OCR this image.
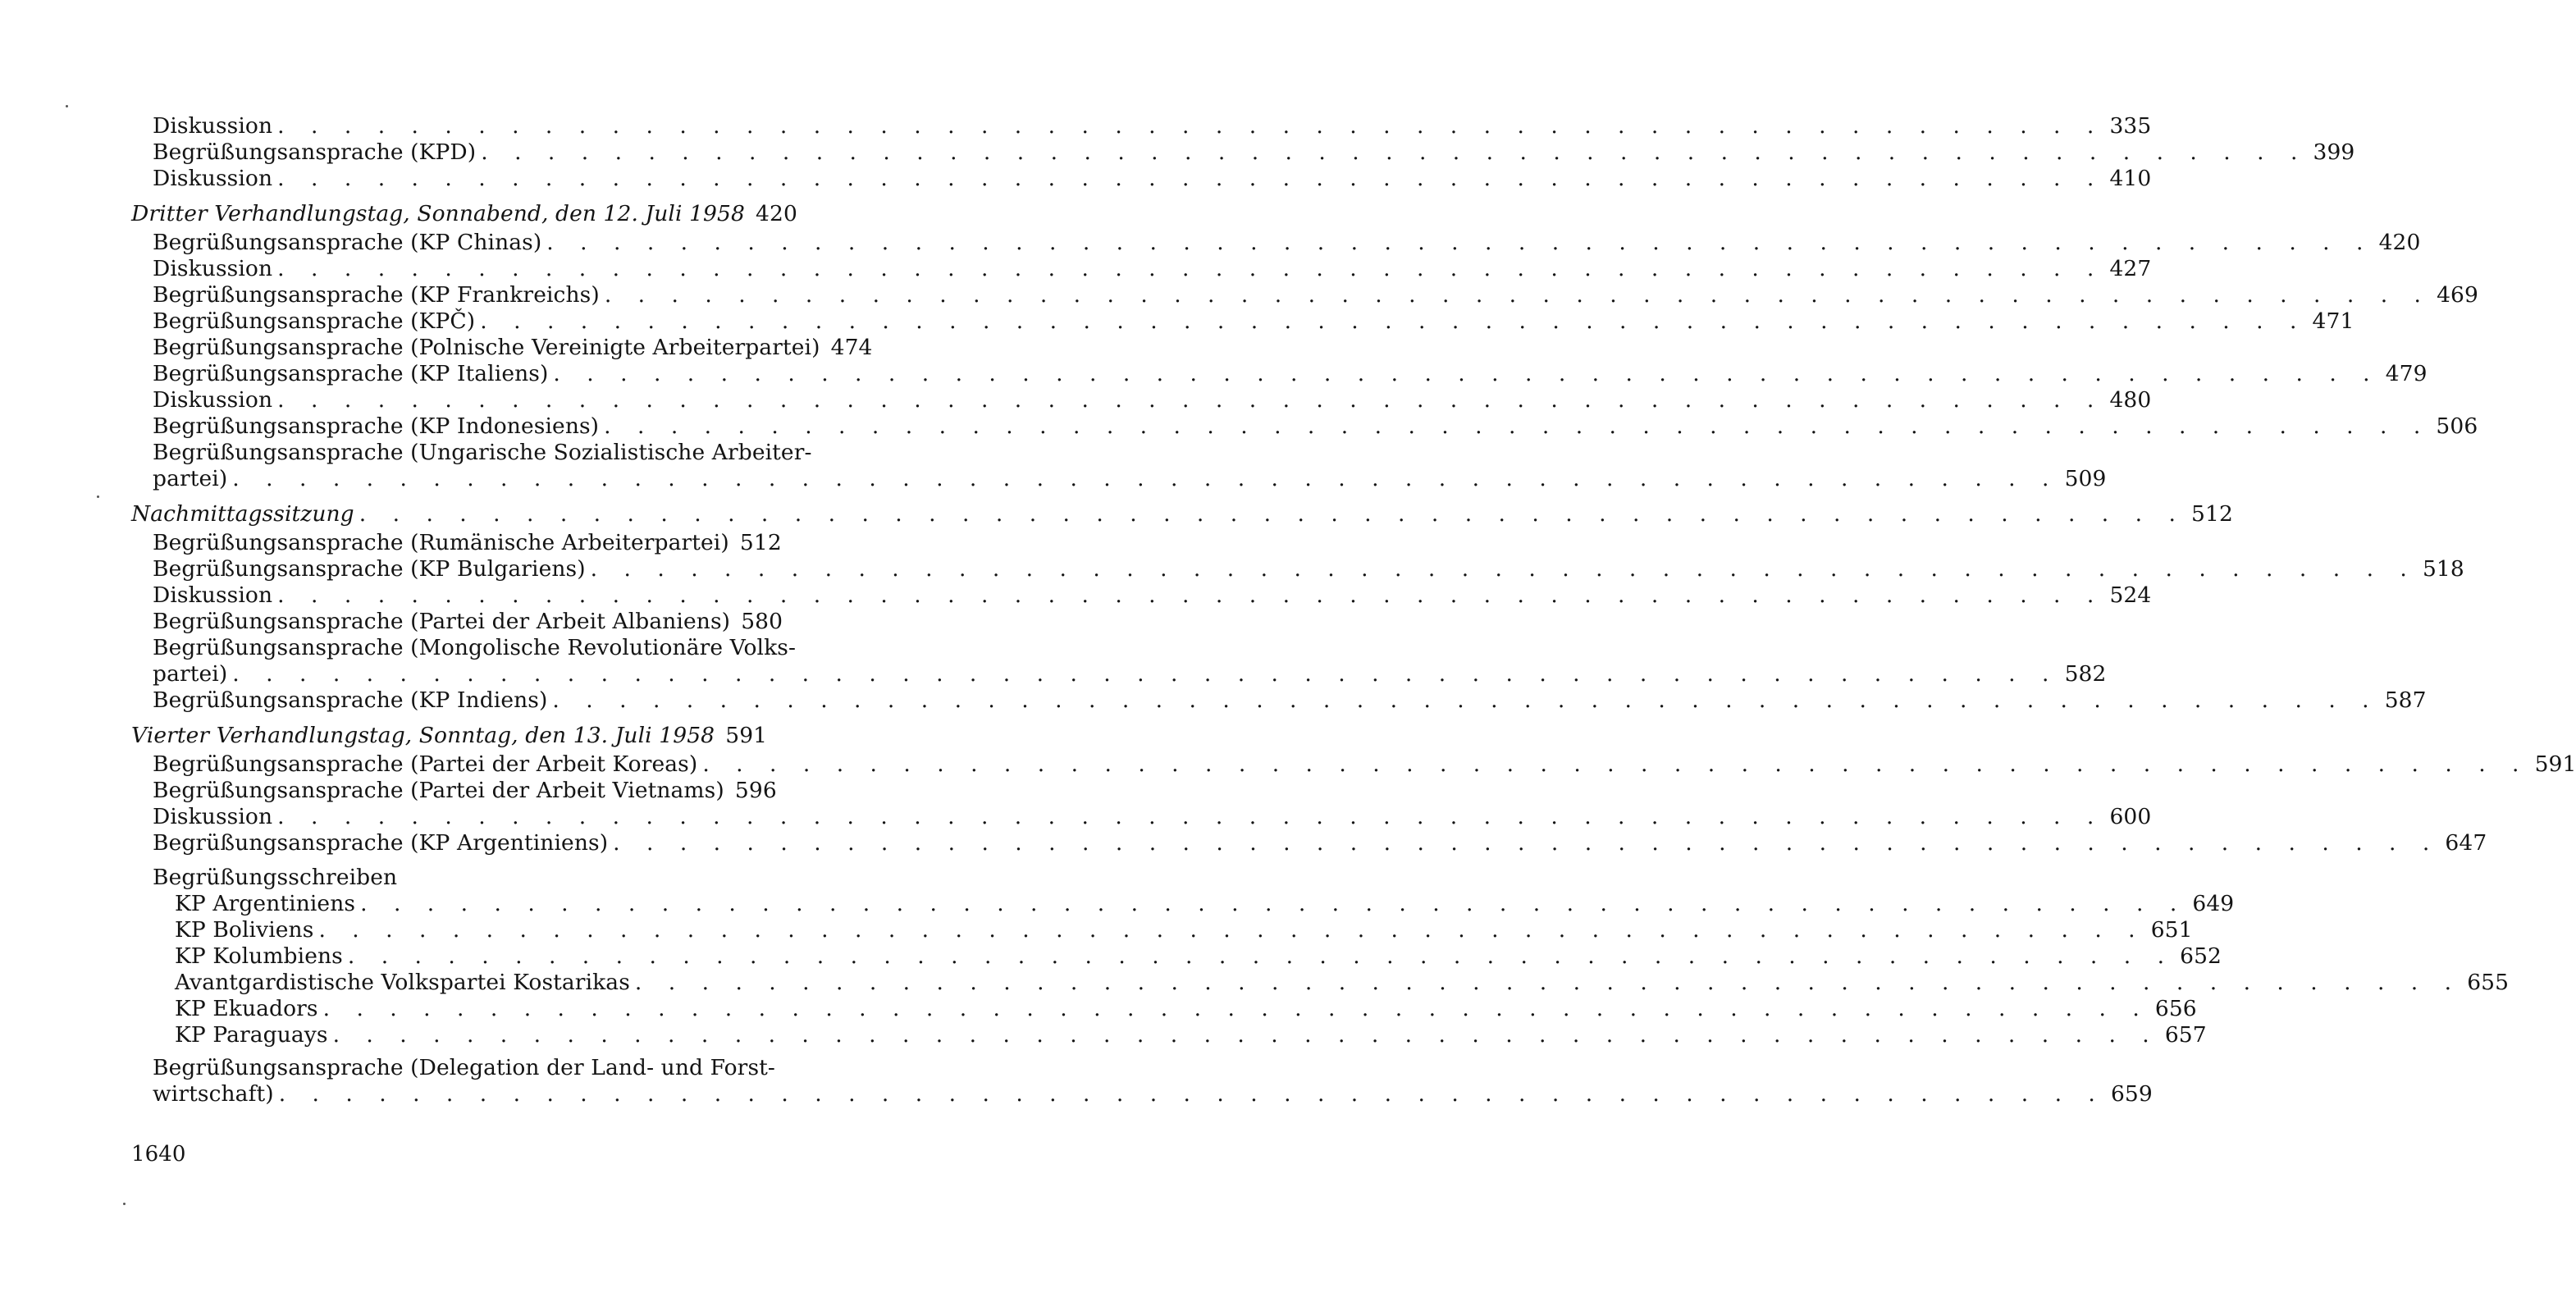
Diskussion . . .	335
Begrüßungsansprache (KPD) . . .	399
Diskussion . . .	410
Dritter Verhandlungstag, Sonnabend, den 12. Juli 1958 420
Begrüßungsansprache (KP Chinas) . . .	420
Diskussion . . .	427
Begrüßungsansprache (KP Frankreichs) . . .	469
Begrüßungsansprache (KPČ) . . .	471
Begrüßungsansprache (Polnische Vereinigte Arbeiterpartei) 474
Begrüßungsansprache (KP Italiens) . . .	479
Diskussion . . .	480
Begrüßungsansprache (KP Indonesiens) . . .	506
Begrüßungsansprache (Ungarische Sozialistische Arbeiter-
partei) . . .	509
Nachmittagssitzung . . .	512
Begrüßungsansprache (Rumänische Arbeiterpartei) 512
Begrüßungsansprache (KP Bulgariens) . . .	518
Diskussion . . .	524
Begrüßungsansprache (Partei der Arbeit Albaniens) 580
Begrüßungsansprache (Mongolische Revolutionäre Volks-
partei) . . .	582
Begrüßungsansprache (KP Indiens) . . .	587
Vierter Verhandlungstag, Sonntag, den 13. Juli 1958 591
Begrüßungsansprache (Partei der Arbeit Koreas) . . .	591
Begrüßungsansprache (Partei der Arbeit Vietnams) 596
Diskussion . . .	600
Begrüßungsansprache (KP Argentiniens) . . .	647
Begrüßungsschreiben
KP Argentiniens . . .	649
KP Boliviens . . .	651
KP Kolumbiens . . .	652
Avantgardistische Volkspartei Kostarikas . . .	655
KP Ekuadors . . .	656
KP Paraguays . . .	657
Begrüßungsansprache (Delegation der Land- und Forst-
wirtschaft) . . .	659
1640
